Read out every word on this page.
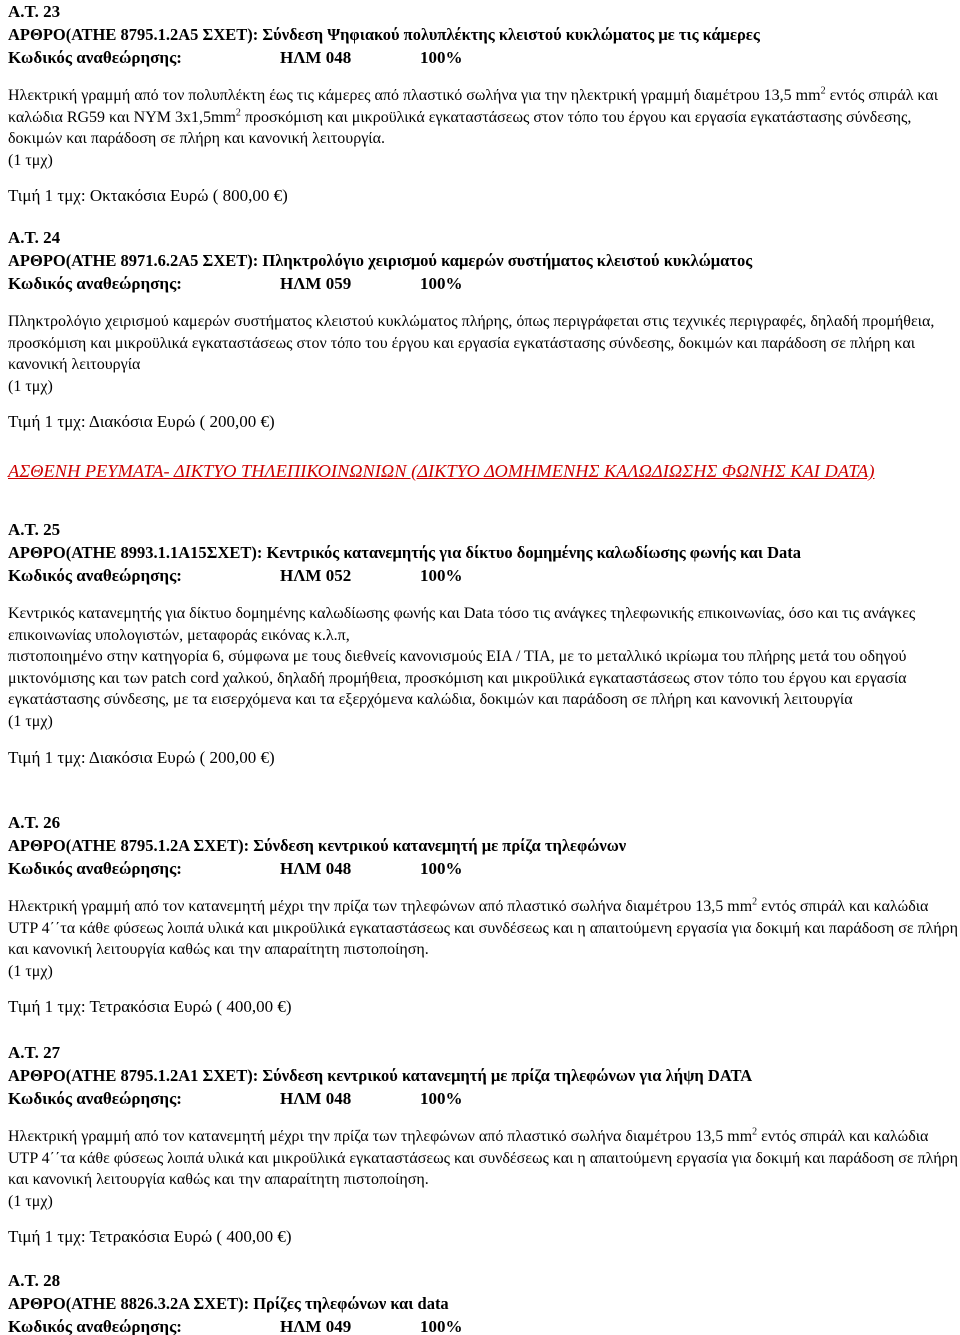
Α.Τ. 23
ΑΡΘΡΟ(ΑΤΗΕ 8795.1.2Α5 ΣΧΕΤ): Σύνδεση Ψηφιακού πολυπλέκτης κλειστού κυκλώματος με τις κάμερες
Κωδικός αναθεώρησης:	ΗΛΜ 048	100%
Ηλεκτρική γραμμή από τον πολυπλέκτη έως τις κάμερες από πλαστικό σωλήνα για την ηλεκτρική γραμμή διαμέτρου 13,5 $mm^2$ εντός σπιράλ και καλώδια RG59 και NYM $3x1,5mm^2$ προσκόμιση και μικροϋλικά εγκαταστάσεως στον τόπο του έργου και εργασία εγκατάστασης σύνδεσης, δοκιμών και παράδοση σε πλήρη και κανονική λειτουργία.
(1 τμχ)
Τιμή 1 τμχ: Οκτακόσια Ευρώ ( 800,00 €)
Α.Τ. 24
ΑΡΘΡΟ(ΑΤΗΕ 8971.6.2Α5 ΣΧΕΤ): Πληκτρολόγιο χειρισμού καμερών συστήματος κλειστού κυκλώματος
Κωδικός αναθεώρησης:	ΗΛΜ 059	100%
Πληκτρολόγιο χειρισμού καμερών συστήματος κλειστού κυκλώματος πλήρης, όπως περιγράφεται στις τεχνικές περιγραφές, δηλαδή προμήθεια, προσκόμιση και μικροϋλικά εγκαταστάσεως στον τόπο του έργου και εργασία εγκατάστασης σύνδεσης, δοκιμών και παράδοση σε πλήρη και κανονική λειτουργία
(1 τμχ)
Τιμή 1 τμχ: Διακόσια Ευρώ ( 200,00 €)
ΑΣΘΕΝΗ ΡΕΥΜΑΤΑ- ΔΙΚΤΥΟ ΤΗΛΕΠΙΚΟΙΝΩΝΙΩΝ (ΔΙΚΤΥΟ ΔΟΜΗΜΕΝΗΣ ΚΑΛΩΔΙΩΣΗΣ ΦΩΝΗΣ ΚΑΙ DATA)
Α.Τ. 25
ΑΡΘΡΟ(ΑΤΗΕ 8993.1.1Α15ΣΧΕΤ): Κεντρικός κατανεμητής για δίκτυο δομημένης καλωδίωσης φωνής και Data
Κωδικός αναθεώρησης:	ΗΛΜ 052	100%
Κεντρικός κατανεμητής για δίκτυο δομημένης καλωδίωσης φωνής και Data τόσο τις ανάγκες τηλεφωνικής επικοινωνίας, όσο και τις ανάγκες επικοινωνίας υπολογιστών, μεταφοράς εικόνας κ.λ.π,
πιστοποιημένο στην κατηγορία 6, σύμφωνα με τους διεθνείς κανονισμούς EIA / TIA, με το μεταλλικό ικρίωμα του πλήρης μετά του οδηγού μικτονόμισης και των patch cord χαλκού, δηλαδή προμήθεια, προσκόμιση και μικροϋλικά εγκαταστάσεως στον τόπο του έργου και εργασία εγκατάστασης σύνδεσης, με τα εισερχόμενα και τα εξερχόμενα καλώδια, δοκιμών και παράδοση σε πλήρη και κανονική λειτουργία
(1 τμχ)
Τιμή 1 τμχ: Διακόσια Ευρώ ( 200,00 €)
Α.Τ. 26
ΑΡΘΡΟ(ΑΤΗΕ 8795.1.2Α ΣΧΕΤ): Σύνδεση κεντρικού κατανεμητή με πρίζα τηλεφώνων
Κωδικός αναθεώρησης:	ΗΛΜ 048	100%
Ηλεκτρική γραμμή από τον κατανεμητή μέχρι την πρίζα των τηλεφώνων από πλαστικό σωλήνα διαμέτρου 13,5 $mm^2$ εντός σπιράλ και καλώδια UTP 4΄΄τα κάθε φύσεως λοιπά υλικά και μικροϋλικά εγκαταστάσεως και συνδέσεως και η απαιτούμενη εργασία για δοκιμή και παράδοση σε πλήρη και κανονική λειτουργία καθώς και την απαραίτητη πιστοποίηση.
(1 τμχ)
Τιμή 1 τμχ: Τετρακόσια Ευρώ ( 400,00 €)
Α.Τ. 27
ΑΡΘΡΟ(ΑΤΗΕ 8795.1.2Α1 ΣΧΕΤ): Σύνδεση κεντρικού κατανεμητή με πρίζα τηλεφώνων για λήψη DATA
Κωδικός αναθεώρησης:	ΗΛΜ 048	100%
Ηλεκτρική γραμμή από τον κατανεμητή μέχρι την πρίζα των τηλεφώνων από πλαστικό σωλήνα διαμέτρου 13,5 $mm^2$ εντός σπιράλ και καλώδια UTP 4΄΄τα κάθε φύσεως λοιπά υλικά και μικροϋλικά εγκαταστάσεως και συνδέσεως και η απαιτούμενη εργασία για δοκιμή και παράδοση σε πλήρη και κανονική λειτουργία καθώς και την απαραίτητη πιστοποίηση.
(1 τμχ)
Τιμή 1 τμχ: Τετρακόσια Ευρώ ( 400,00 €)
Α.Τ. 28
ΑΡΘΡΟ(ΑΤΗΕ 8826.3.2Α ΣΧΕΤ): Πρίζες τηλεφώνων και data
Κωδικός αναθεώρησης:	ΗΛΜ 049	100%
